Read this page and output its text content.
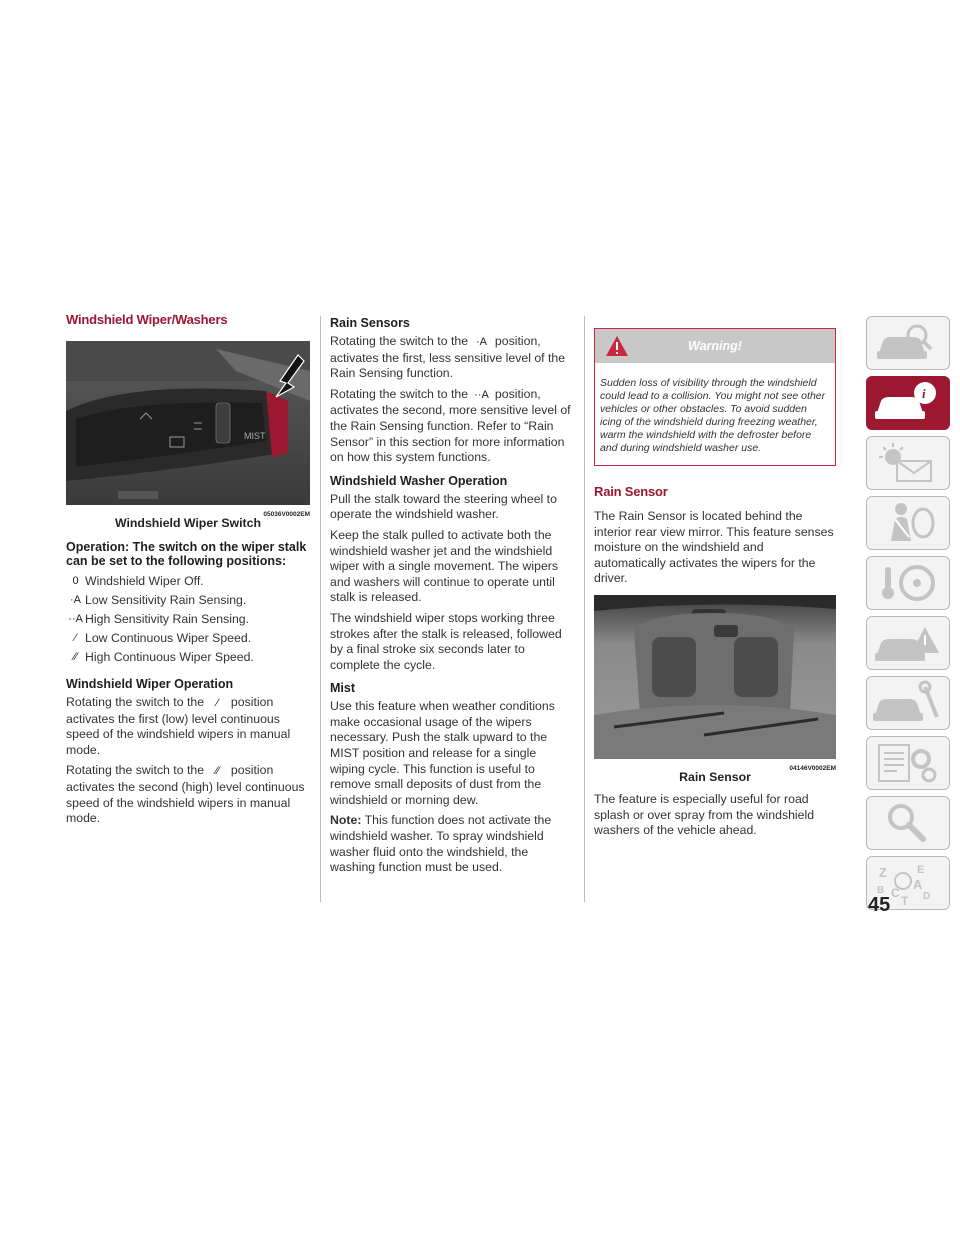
Windshield Wiper/Washers
MIST
05036V0002EM
Windshield Wiper Switch
Operation: The switch on the wiper stalk can be set to the following positions:
0 Windshield Wiper Off.
·A Low Sensitivity Rain Sensing.
··A High Sensitivity Rain Sensing.
⁄ Low Continuous Wiper Speed.
⁄⁄ High Continuous Wiper Speed.
Windshield Wiper Operation

Rotating the switch to the ⁄ position activates the first (low) level continuous speed of the windshield wipers in manual mode.

Rotating the switch to the ⁄⁄ position activates the second (high) level continuous speed of the windshield wipers in manual mode.

Rain Sensors

Rotating the switch to the ·A position, activates the first, less sensitive level of the Rain Sensing function.

Rotating the switch to the ··A position, activates the second, more sensitive level of the Rain Sensing function. Refer to “Rain Sensor” in this section for more information on how this system functions.

Windshield Washer Operation

Pull the stalk toward the steering wheel to operate the windshield washer.

Keep the stalk pulled to activate both the windshield washer jet and the windshield wiper with a single movement. The wipers and washers will continue to operate until stalk is released.

The windshield wiper stops working three strokes after the stalk is released, followed by a final stroke six seconds later to complete the cycle.

Mist

Use this feature when weather conditions make occasional usage of the wipers necessary. Push the stalk upward to the MIST position and release for a single wiping cycle. This function is useful to remove small deposits of dust from the windshield or morning dew.

Note: This function does not activate the windshield washer. To spray windshield washer fluid onto the windshield, the washing function must be used.

Warning!
Sudden loss of visibility through the windshield could lead to a collision. You might not see other vehicles or other obstacles. To avoid sudden icing of the windshield during freezing weather, warm the windshield with the defroster before and during windshield washer use.
Rain Sensor

The Rain Sensor is located behind the interior rear view mirror. This feature senses moisture on the windshield and automatically activates the wipers for the driver.

04146V0002EM
Rain Sensor

The feature is especially useful for road splash or over spray from the windshield washers of the vehicle ahead.

i
Z	E
B A
C D
T
45
